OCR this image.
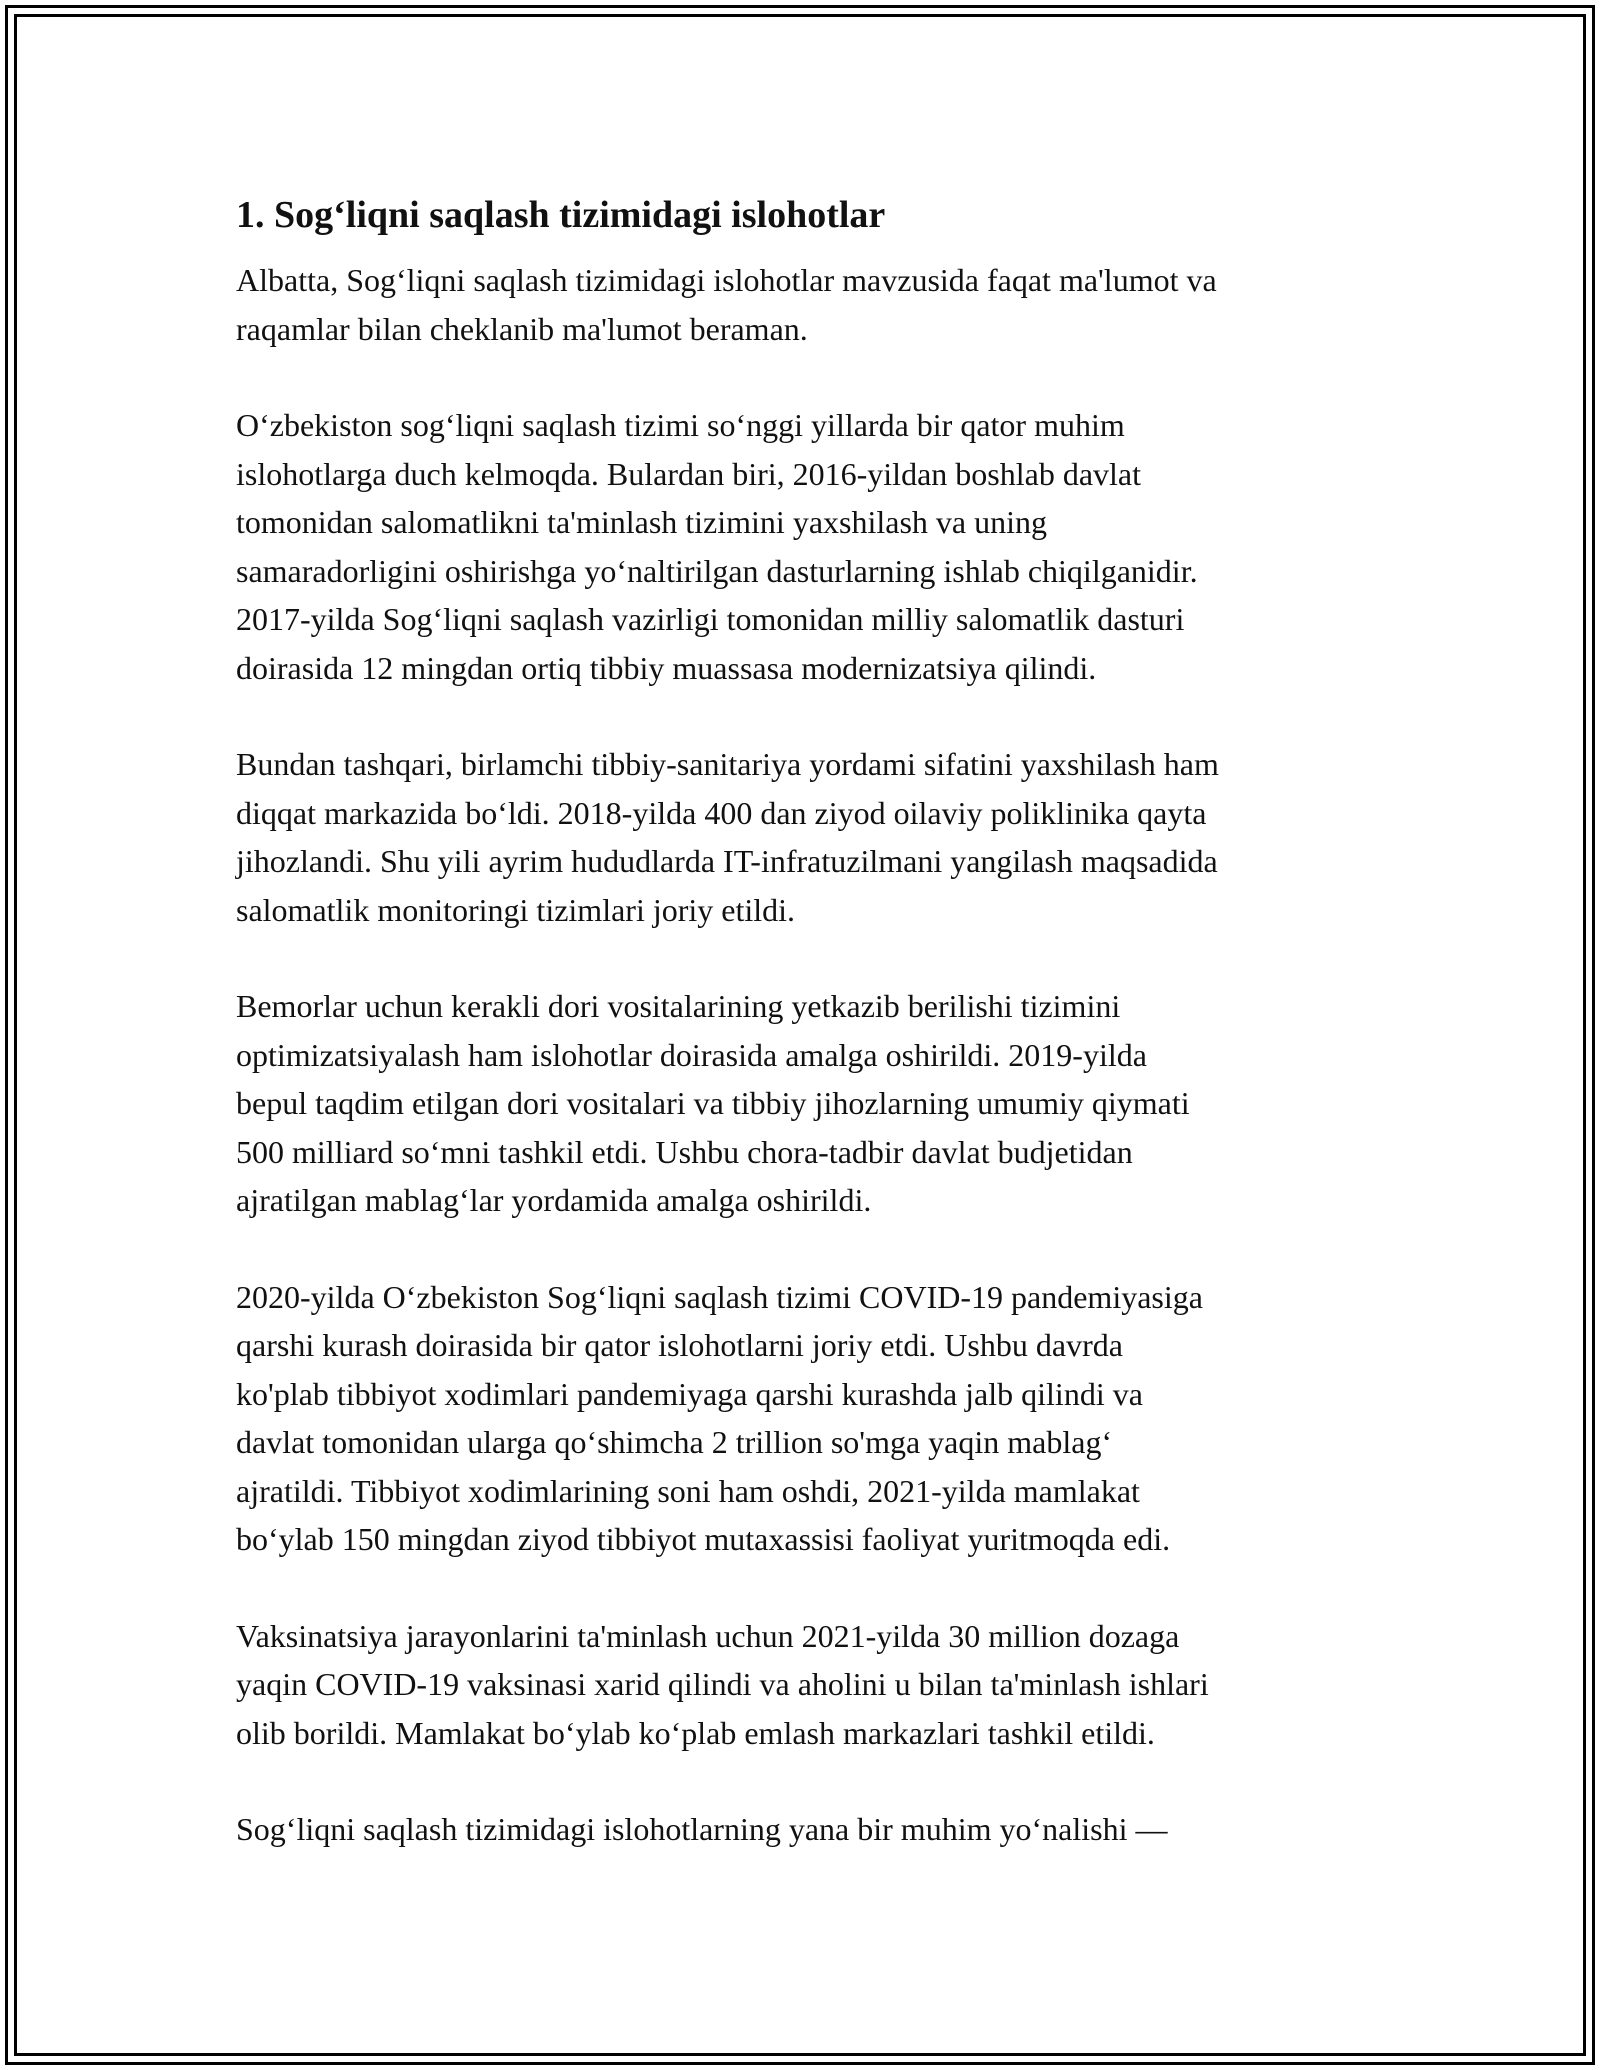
1. Sog‘liqni saqlash tizimidagi islohotlar

Albatta, Sog‘liqni saqlash tizimidagi islohotlar mavzusida faqat ma'lumot va
raqamlar bilan cheklanib ma'lumot beraman.

O‘zbekiston sog‘liqni saqlash tizimi so‘nggi yillarda bir qator muhim
islohotlarga duch kelmoqda. Bulardan biri, 2016-yildan boshlab davlat
tomonidan salomatlikni ta'minlash tizimini yaxshilash va uning
samaradorligini oshirishga yo‘naltirilgan dasturlarning ishlab chiqilganidir.
2017-yilda Sog‘liqni saqlash vazirligi tomonidan milliy salomatlik dasturi
doirasida 12 mingdan ortiq tibbiy muassasa modernizatsiya qilindi.

Bundan tashqari, birlamchi tibbiy-sanitariya yordami sifatini yaxshilash ham
diqqat markazida bo‘ldi. 2018-yilda 400 dan ziyod oilaviy poliklinika qayta
jihozlandi. Shu yili ayrim hududlarda IT-infratuzilmani yangilash maqsadida
salomatlik monitoringi tizimlari joriy etildi.

Bemorlar uchun kerakli dori vositalarining yetkazib berilishi tizimini
optimizatsiyalash ham islohotlar doirasida amalga oshirildi. 2019-yilda
bepul taqdim etilgan dori vositalari va tibbiy jihozlarning umumiy qiymati
500 milliard so‘mni tashkil etdi. Ushbu chora-tadbir davlat budjetidan
ajratilgan mablag‘lar yordamida amalga oshirildi.

2020-yilda O‘zbekiston Sog‘liqni saqlash tizimi COVID-19 pandemiyasiga
qarshi kurash doirasida bir qator islohotlarni joriy etdi. Ushbu davrda
ko'plab tibbiyot xodimlari pandemiyaga qarshi kurashda jalb qilindi va
davlat tomonidan ularga qo‘shimcha 2 trillion so'mga yaqin mablag‘
ajratildi. Tibbiyot xodimlarining soni ham oshdi, 2021-yilda mamlakat
bo‘ylab 150 mingdan ziyod tibbiyot mutaxassisi faoliyat yuritmoqda edi.

Vaksinatsiya jarayonlarini ta'minlash uchun 2021-yilda 30 million dozaga
yaqin COVID-19 vaksinasi xarid qilindi va aholini u bilan ta'minlash ishlari
olib borildi. Mamlakat bo‘ylab ko‘plab emlash markazlari tashkil etildi.

Sog‘liqni saqlash tizimidagi islohotlarning yana bir muhim yo‘nalishi —
